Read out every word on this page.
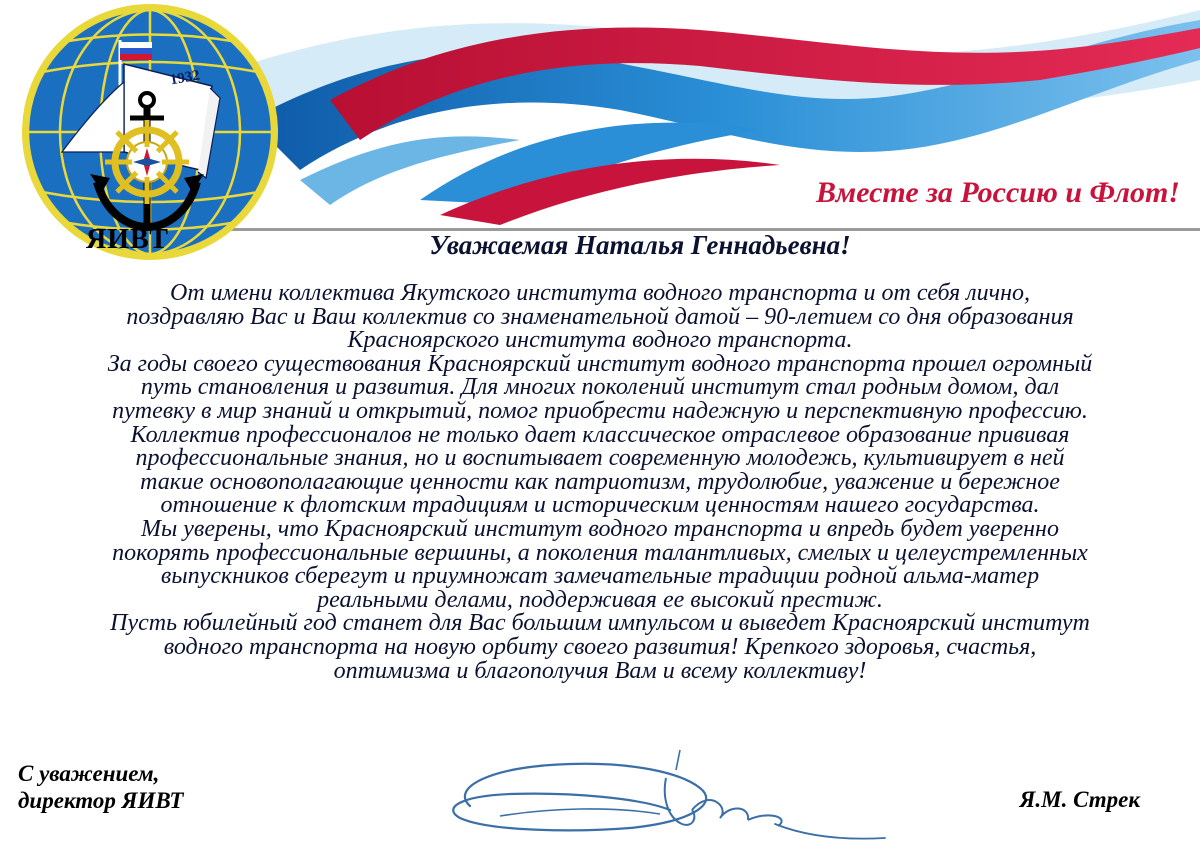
Вместе за Россию и Флот!
1932
ЯИВТ	Уважаемая Наталья Геннадьевна!

От имени коллектива Якутского института водного транспорта и от себя лично,
поздравляю Вас и Ваш коллектив со знаменательной датой – 90-летием со дня образования
Красноярского института водного транспорта.

За годы своего существования Красноярский институт водного транспорта прошел огромный
путь становления и развития. Для многих поколений институт стал родным домом, дал
путевку в мир знаний и открытий, помог приобрести надежную и перспективную профессию.

Коллектив профессионалов не только дает классическое отраслевое образование прививая
профессиональные знания, но и воспитывает современную молодежь, культивирует в ней
такие основополагающие ценности как патриотизм, трудолюбие, уважение и бережное
отношение к флотским традициям и историческим ценностям нашего государства.

Мы уверены, что Красноярский институт водного транспорта и впредь будет уверенно
покорять профессиональные вершины, а поколения талантливых, смелых и целеустремленных
выпускников сберегут и приумножат замечательные традиции родной альма-матер
реальными делами, поддерживая ее высокий престиж.

Пусть юбилейный год станет для Вас большим импульсом и выведет Красноярский институт
водного транспорта на новую орбиту своего развития! Крепкого здоровья, счастья,
оптимизма и благополучия Вам и всему коллективу!

С уважением,
директор ЯИВТ	Я.М. Стрек
